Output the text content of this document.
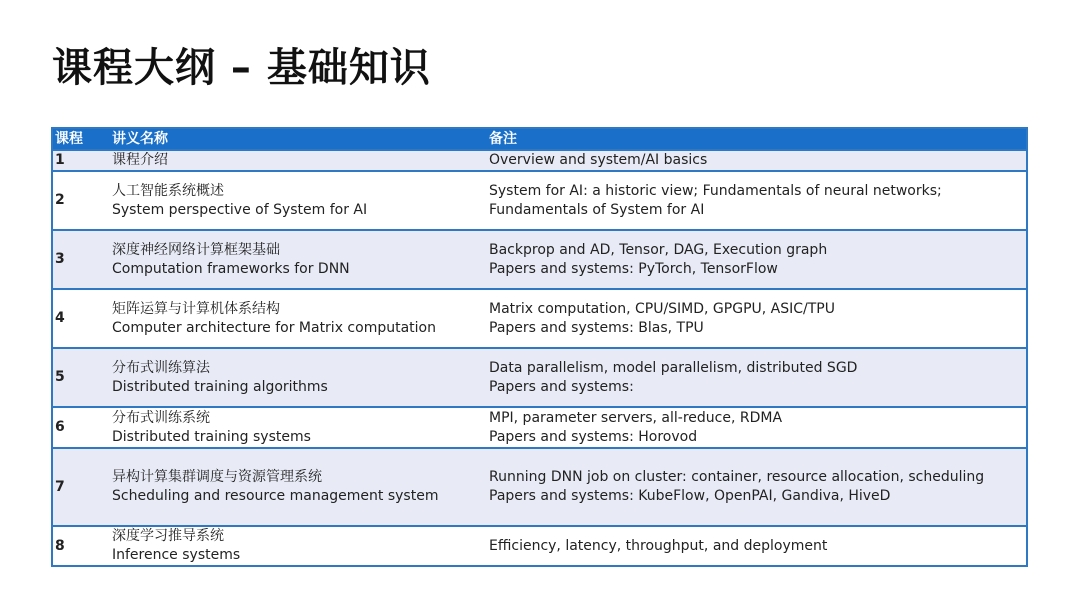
课程大纲 – 基础知识
课程	讲义名称	备注
1	课程介绍	Overview and system/AI basics

2	人工智能系统概述
System perspective of System for AI	System for AI: a historic view; Fundamentals of neural networks;
Fundamentals of System for AI

3	深度神经网络计算框架基础
Computation frameworks for DNN	Backprop and AD, Tensor, DAG, Execution graph
Papers and systems: PyTorch, TensorFlow

4	矩阵运算与计算机体系结构
Computer architecture for Matrix computation	Matrix computation, CPU/SIMD, GPGPU, ASIC/TPU
Papers and systems: Blas, TPU

5	分布式训练算法
Distributed training algorithms	Data parallelism, model parallelism, distributed SGD
Papers and systems:

6	分布式训练系统
Distributed training systems	MPI, parameter servers, all-reduce, RDMA
Papers and systems: Horovod

7	异构计算集群调度与资源管理系统
Scheduling and resource management system	Running DNN job on cluster: container, resource allocation, scheduling
Papers and systems: KubeFlow, OpenPAI, Gandiva, HiveD

8	深度学习推导系统
Inference systems	Efficiency, latency, throughput, and deployment
